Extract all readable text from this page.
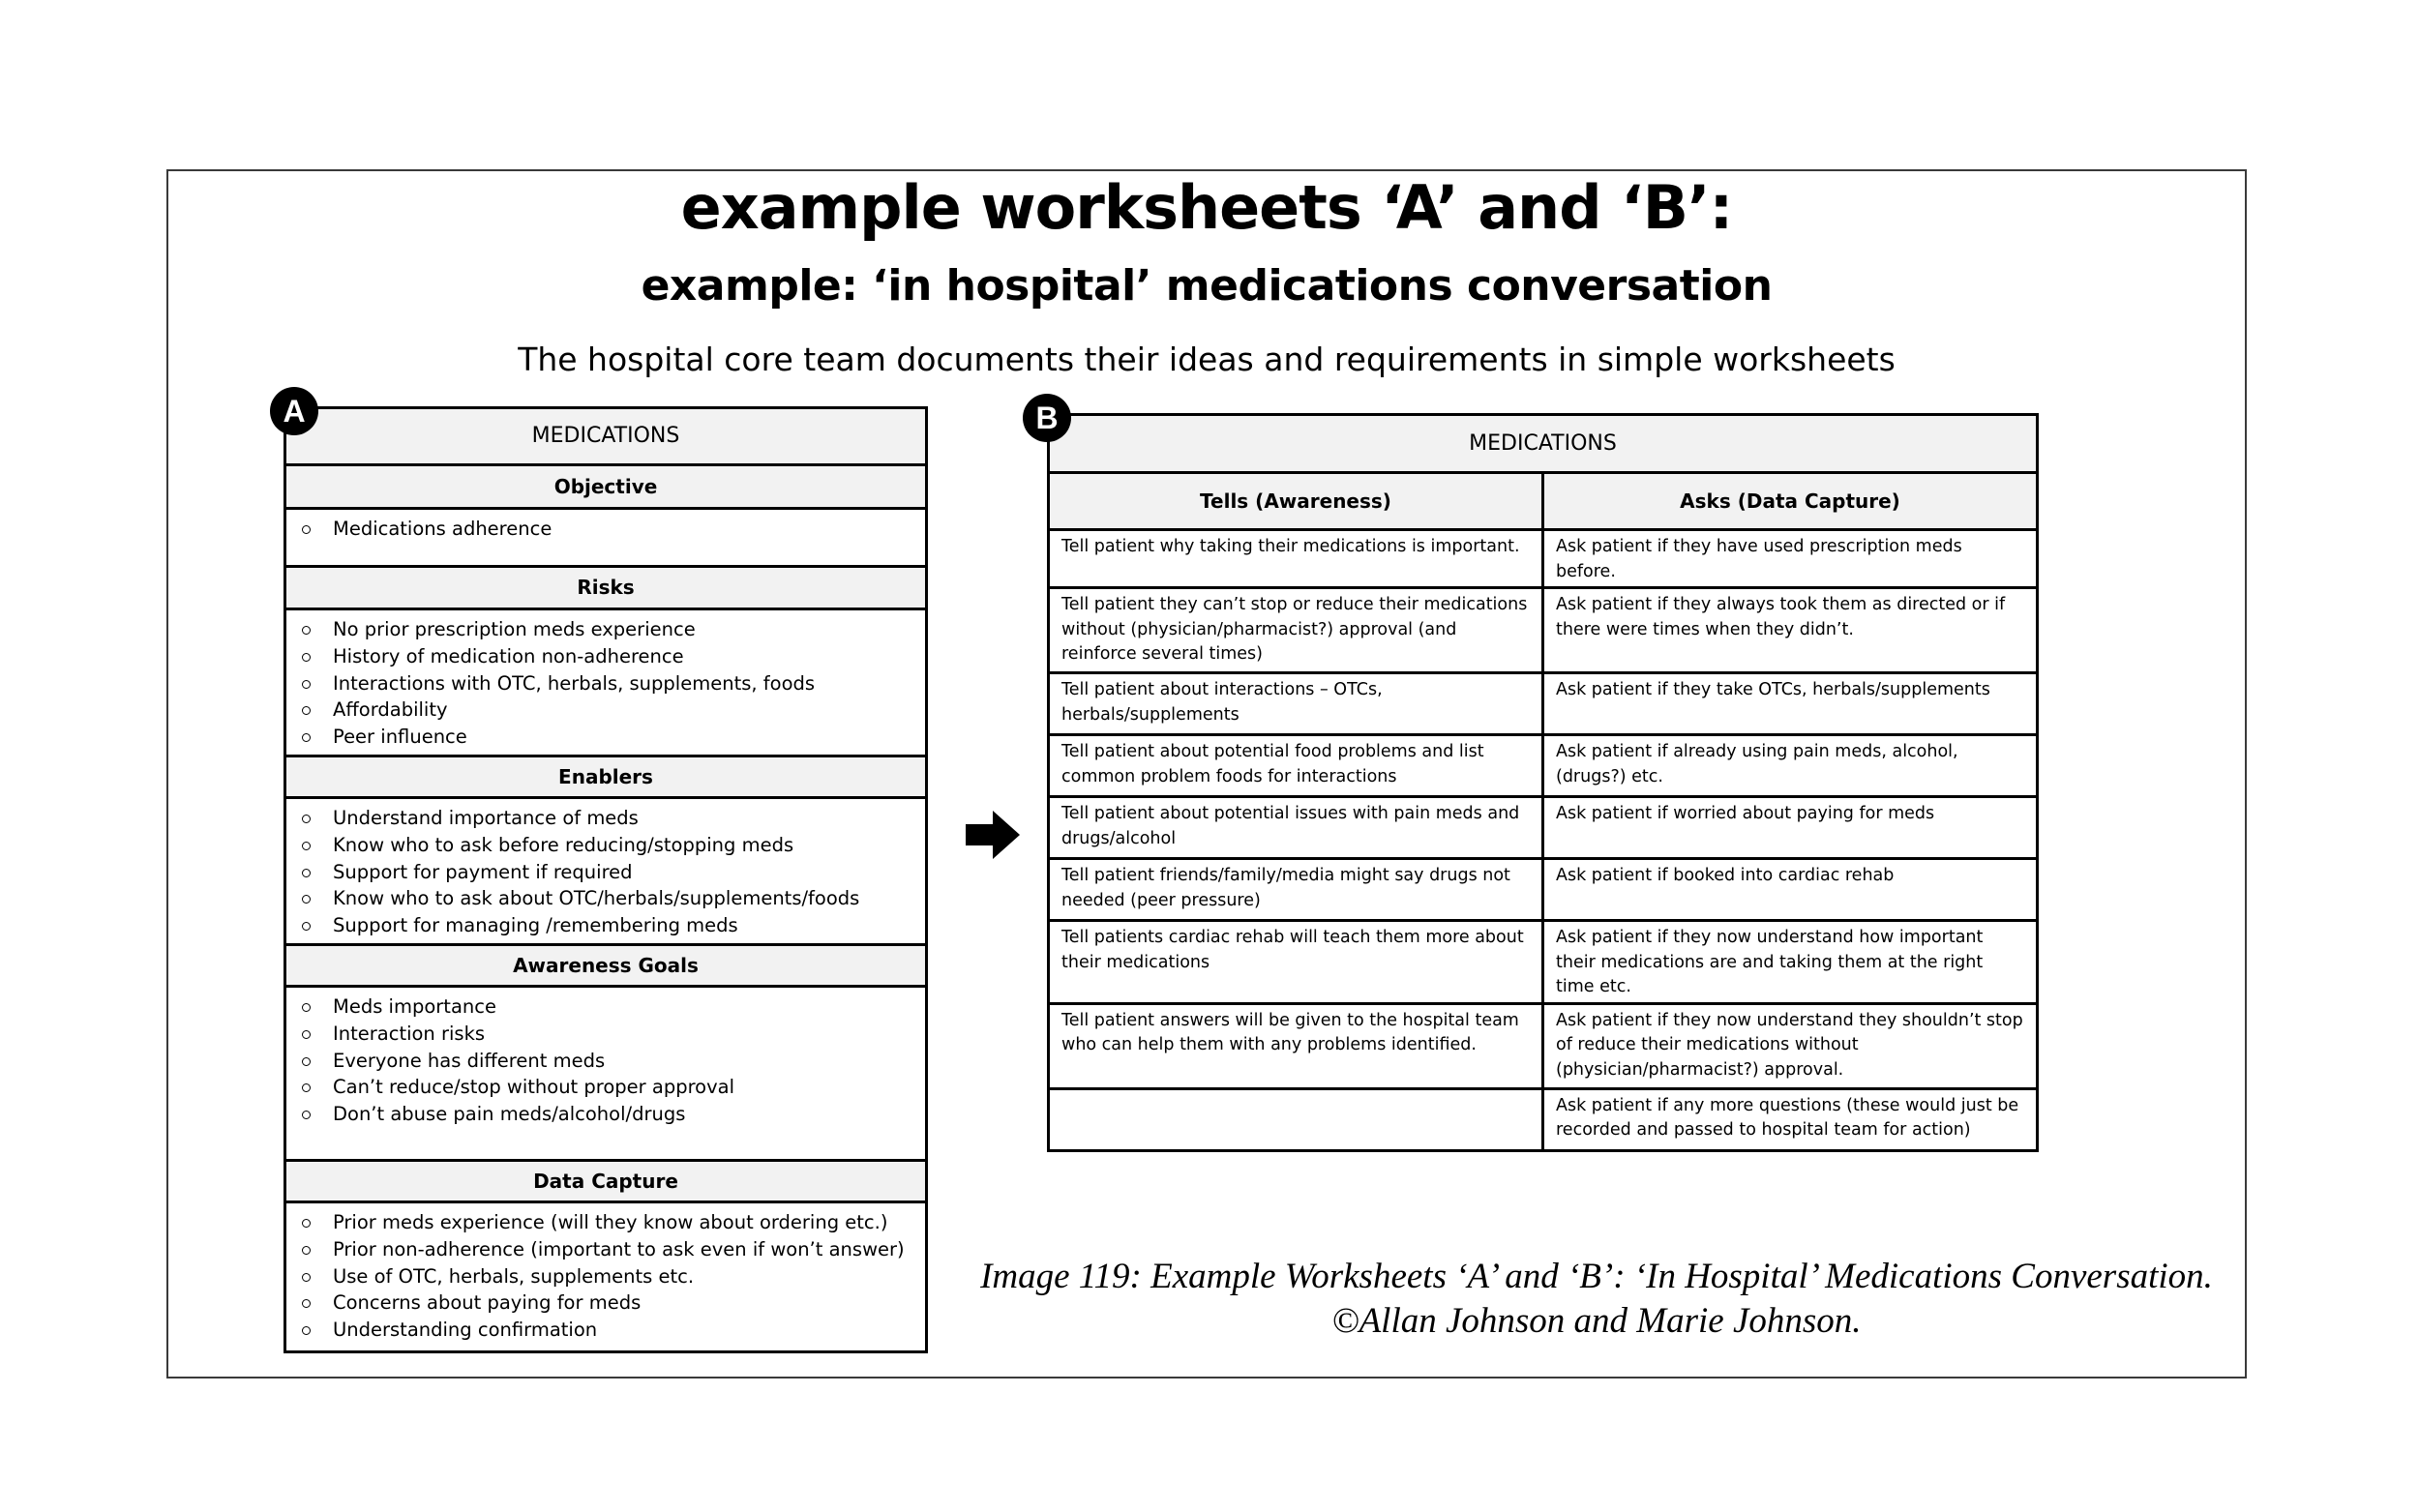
example worksheets ‘A’ and ‘B’:
example: ‘in hospital’ medications conversation
The hospital core team documents their ideas and requirements in simple worksheets
A
MEDICATIONS
Objective
Medications adherence
Risks
No prior prescription meds experience
History of medication non-adherence
Interactions with OTC, herbals, supplements, foods
Affordability
Peer influence
Enablers
Understand importance of meds
Know who to ask before reducing/stopping meds
Support for payment if required
Know who to ask about OTC/herbals/supplements/foods
Support for managing /remembering meds
Awareness Goals
Meds importance
Interaction risks
Everyone has different meds
Can’t reduce/stop without proper approval
Don’t abuse pain meds/alcohol/drugs
Data Capture
Prior meds experience (will they know about ordering etc.)
Prior non-adherence (important to ask even if won’t answer)
Use of OTC, herbals, supplements etc.
Concerns about paying for meds
Understanding confirmation
B
MEDICATIONS	
Tells (Awareness)	Asks (Data Capture)
Tell patient why taking their medications is important.	Ask patient if they have used prescription meds before.
Tell patient they can’t stop or reduce their medications without (physician/pharmacist?) approval (and reinforce several times)	Ask patient if they always took them as directed or if there were times when they didn’t.
Tell patient about interactions – OTCs, herbals/supplements	Ask patient if they take OTCs, herbals/supplements
Tell patient about potential food problems and list common problem foods for interactions	Ask patient if already using pain meds, alcohol, (drugs?) etc.
Tell patient about potential issues with pain meds and drugs/alcohol	Ask patient if worried about paying for meds
Tell patient friends/family/media might say drugs not needed (peer pressure)	Ask patient if booked into cardiac rehab
Tell patients cardiac rehab will teach them more about their medications	Ask patient if they now understand how important their medications are and taking them at the right time etc.
Tell patient answers will be given to the hospital team who can help them with any problems identified.	Ask patient if they now understand they shouldn’t stop of reduce their medications without (physician/pharmacist?) approval.
	Ask patient if any more questions (these would just be recorded and passed to hospital team for action)
Image 119: Example Worksheets ‘A’ and ‘B’: ‘In Hospital’ Medications Conversation.
©Allan Johnson and Marie Johnson.
